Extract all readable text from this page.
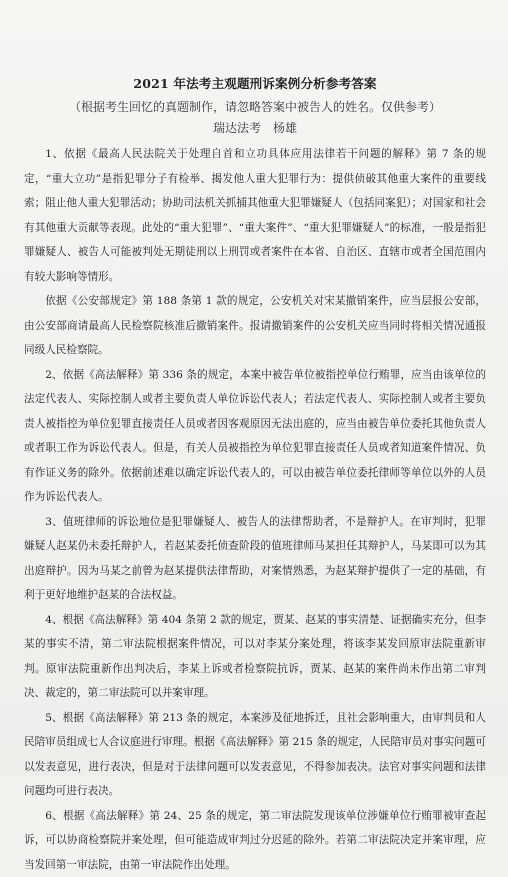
2021 年法考主观题刑诉案例分析参考答案
（根据考生回忆的真题制作，请忽略答案中被告人的姓名。仅供参考）
瑞达法考　杨雄

1、依据《最高人民法院关于处理自首和立功具体应用法律若干问题的解释》第 7 条的规定，“重大立功”是指犯罪分子有检举、揭发他人重大犯罪行为：提供侦破其他重大案件的重要线索；阻止他人重大犯罪活动；协助司法机关抓捕其他重大犯罪嫌疑人（包括同案犯）；对国家和社会有其他重大贡献等表现。此处的“重大犯罪”、“重大案件”、“重大犯罪嫌疑人”的标准，一般是指犯罪嫌疑人、被告人可能被判处无期徒刑以上刑罚或者案件在本省、自治区、直辖市或者全国范围内有较大影响等情形。

依据《公安部规定》第 188 条第 1 款的规定，公安机关对宋某撤销案件，应当层报公安部，由公安部商请最高人民检察院核准后撤销案件。报请撤销案件的公安机关应当同时将相关情况通报同级人民检察院。

2、依据《高法解释》第 336 条的规定，本案中被告单位被指控单位行贿罪，应当由该单位的法定代表人、实际控制人或者主要负责人单位诉讼代表人；若法定代表人、实际控制人或者主要负责人被指控为单位犯罪直接责任人员或者因客观原因无法出庭的，应当由被告单位委托其他负责人或者职工作为诉讼代表人。但是，有关人员被指控为单位犯罪直接责任人员或者知道案件情况、负有作证义务的除外。依据前述难以确定诉讼代表人的，可以由被告单位委托律师等单位以外的人员作为诉讼代表人。

3、值班律师的诉讼地位是犯罪嫌疑人、被告人的法律帮助者，不是辩护人。在审判时，犯罪嫌疑人赵某仍未委托辩护人，若赵某委托侦查阶段的值班律师马某担任其辩护人，马某即可以为其出庭辩护。因为马某之前曾为赵某提供法律帮助，对案情熟悉，为赵某辩护提供了一定的基础，有利于更好地维护赵某的合法权益。

4、根据《高法解释》第 404 条第 2 款的规定，贾某、赵某的事实清楚、证据确实充分，但李某的事实不清，第二审法院根据案件情况，可以对李某分案处理，将该李某发回原审法院重新审判。原审法院重新作出判决后，李某上诉或者检察院抗诉，贾某、赵某的案件尚未作出第二审判决、裁定的，第二审法院可以并案审理。

5、根据《高法解释》第 213 条的规定，本案涉及征地拆迁，且社会影响重大，由审判员和人民陪审员组成七人合议庭进行审理。根据《高法解释》第 215 条的规定，人民陪审员对事实问题可以发表意见，进行表决，但是对于法律问题可以发表意见，不得参加表决。法官对事实问题和法律问题均可进行表决。

6、根据《高法解释》第 24、25 条的规定，第二审法院发现该单位涉嫌单位行贿罪被审查起诉，可以协商检察院并案处理，但可能造成审判过分迟延的除外。若第二审法院决定并案审理，应当发回第一审法院，由第一审法院作出处理。
